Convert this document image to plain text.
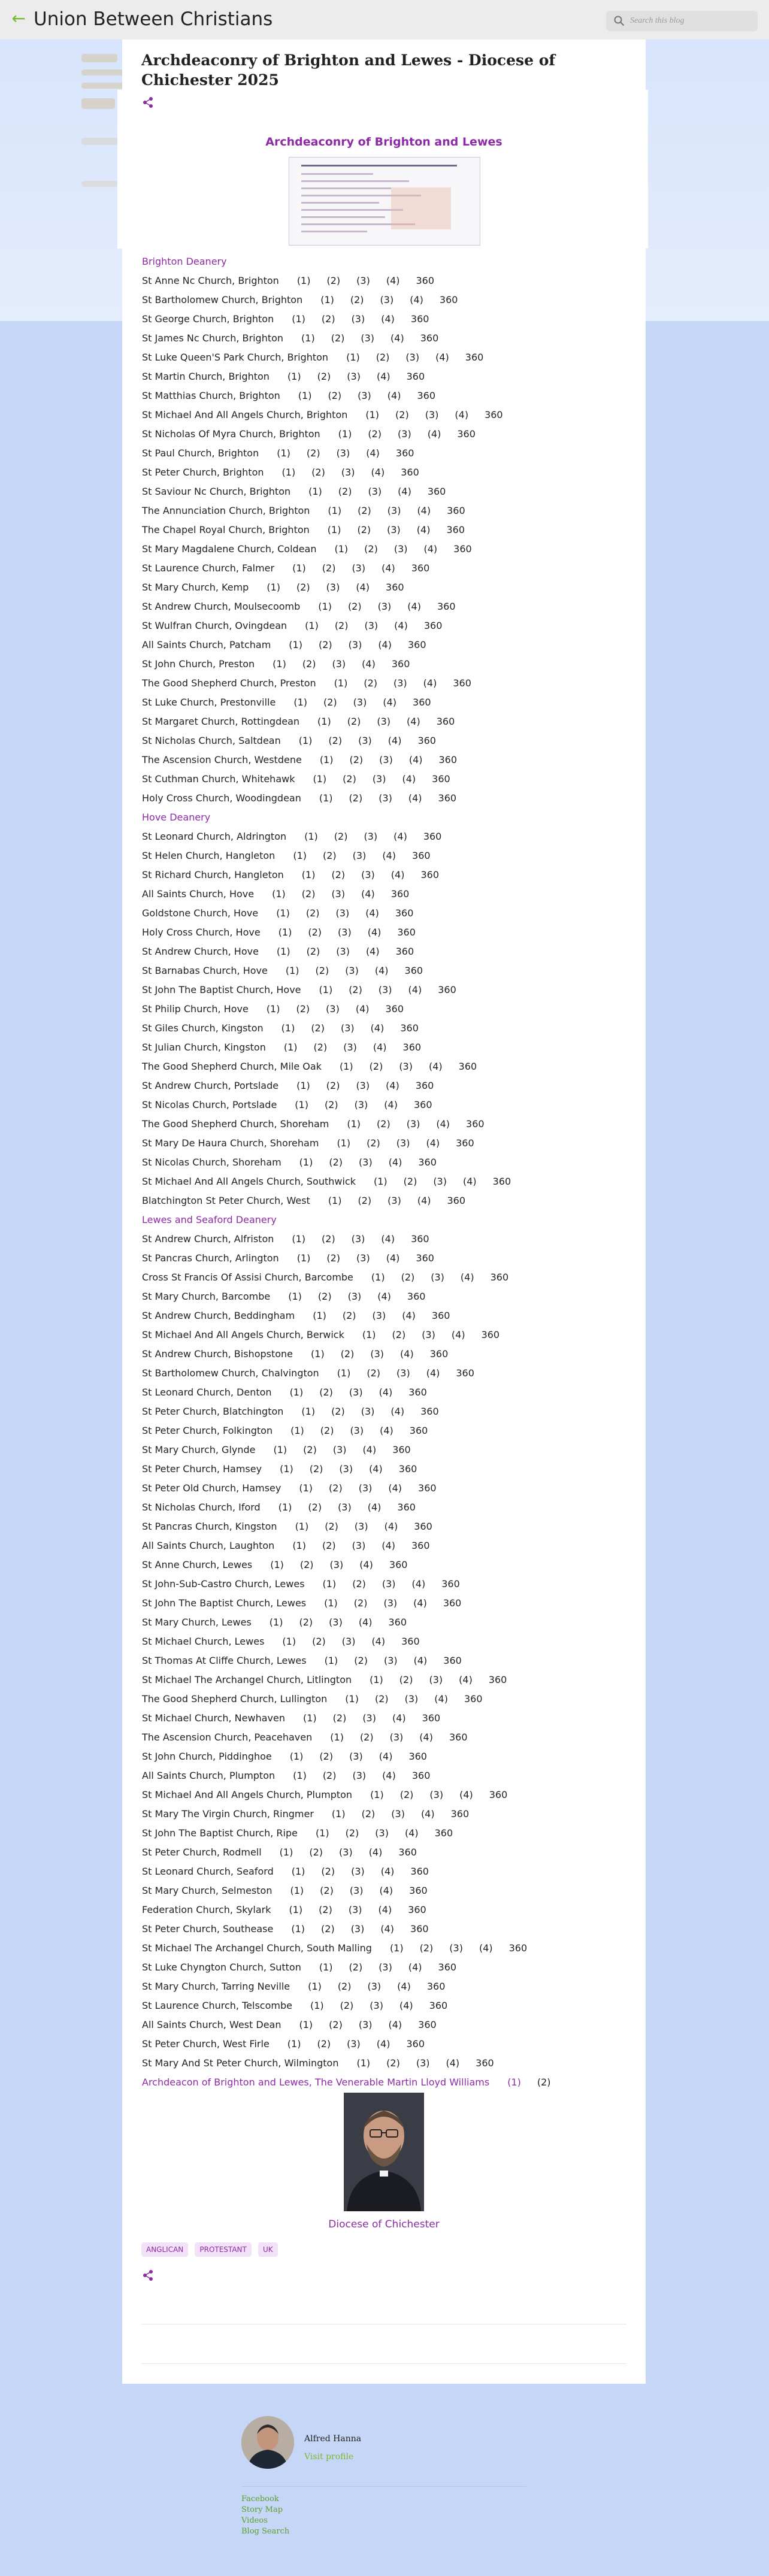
← Union Between Christians
Search this blog
Archdeaconry of Brighton and Lewes - Diocese of Chichester 2025
Archdeaconry of Brighton and Lewes
Brighton Deanery
St Anne Nc Church, Brighton (1) (2) (3) (4) 360
St Bartholomew Church, Brighton (1) (2) (3) (4) 360
St George Church, Brighton (1) (2) (3) (4) 360
St James Nc Church, Brighton (1) (2) (3) (4) 360
St Luke Queen'S Park Church, Brighton (1) (2) (3) (4) 360
St Martin Church, Brighton (1) (2) (3) (4) 360
St Matthias Church, Brighton (1) (2) (3) (4) 360
St Michael And All Angels Church, Brighton (1) (2) (3) (4) 360
St Nicholas Of Myra Church, Brighton (1) (2) (3) (4) 360
St Paul Church, Brighton (1) (2) (3) (4) 360
St Peter Church, Brighton (1) (2) (3) (4) 360
St Saviour Nc Church, Brighton (1) (2) (3) (4) 360
The Annunciation Church, Brighton (1) (2) (3) (4) 360
The Chapel Royal Church, Brighton (1) (2) (3) (4) 360
St Mary Magdalene Church, Coldean (1) (2) (3) (4) 360
St Laurence Church, Falmer (1) (2) (3) (4) 360
St Mary Church, Kemp (1) (2) (3) (4) 360
St Andrew Church, Moulsecoomb (1) (2) (3) (4) 360
St Wulfran Church, Ovingdean (1) (2) (3) (4) 360
All Saints Church, Patcham (1) (2) (3) (4) 360
St John Church, Preston (1) (2) (3) (4) 360
The Good Shepherd Church, Preston (1) (2) (3) (4) 360
St Luke Church, Prestonville (1) (2) (3) (4) 360
St Margaret Church, Rottingdean (1) (2) (3) (4) 360
St Nicholas Church, Saltdean (1) (2) (3) (4) 360
The Ascension Church, Westdene (1) (2) (3) (4) 360
St Cuthman Church, Whitehawk (1) (2) (3) (4) 360
Holy Cross Church, Woodingdean (1) (2) (3) (4) 360
Hove Deanery
St Leonard Church, Aldrington (1) (2) (3) (4) 360
St Helen Church, Hangleton (1) (2) (3) (4) 360
St Richard Church, Hangleton (1) (2) (3) (4) 360
All Saints Church, Hove (1) (2) (3) (4) 360
Goldstone Church, Hove (1) (2) (3) (4) 360
Holy Cross Church, Hove (1) (2) (3) (4) 360
St Andrew Church, Hove (1) (2) (3) (4) 360
St Barnabas Church, Hove (1) (2) (3) (4) 360
St John The Baptist Church, Hove (1) (2) (3) (4) 360
St Philip Church, Hove (1) (2) (3) (4) 360
St Giles Church, Kingston (1) (2) (3) (4) 360
St Julian Church, Kingston (1) (2) (3) (4) 360
The Good Shepherd Church, Mile Oak (1) (2) (3) (4) 360
St Andrew Church, Portslade (1) (2) (3) (4) 360
St Nicolas Church, Portslade (1) (2) (3) (4) 360
The Good Shepherd Church, Shoreham (1) (2) (3) (4) 360
St Mary De Haura Church, Shoreham (1) (2) (3) (4) 360
St Nicolas Church, Shoreham (1) (2) (3) (4) 360
St Michael And All Angels Church, Southwick (1) (2) (3) (4) 360
Blatchington St Peter Church, West (1) (2) (3) (4) 360
Lewes and Seaford Deanery
St Andrew Church, Alfriston (1) (2) (3) (4) 360
St Pancras Church, Arlington (1) (2) (3) (4) 360
Cross St Francis Of Assisi Church, Barcombe (1) (2) (3) (4) 360
St Mary Church, Barcombe (1) (2) (3) (4) 360
St Andrew Church, Beddingham (1) (2) (3) (4) 360
St Michael And All Angels Church, Berwick (1) (2) (3) (4) 360
St Andrew Church, Bishopstone (1) (2) (3) (4) 360
St Bartholomew Church, Chalvington (1) (2) (3) (4) 360
St Leonard Church, Denton (1) (2) (3) (4) 360
St Peter Church, Blatchington (1) (2) (3) (4) 360
St Peter Church, Folkington (1) (2) (3) (4) 360
St Mary Church, Glynde (1) (2) (3) (4) 360
St Peter Church, Hamsey (1) (2) (3) (4) 360
St Peter Old Church, Hamsey (1) (2) (3) (4) 360
St Nicholas Church, Iford (1) (2) (3) (4) 360
St Pancras Church, Kingston (1) (2) (3) (4) 360
All Saints Church, Laughton (1) (2) (3) (4) 360
St Anne Church, Lewes (1) (2) (3) (4) 360
St John-Sub-Castro Church, Lewes (1) (2) (3) (4) 360
St John The Baptist Church, Lewes (1) (2) (3) (4) 360
St Mary Church, Lewes (1) (2) (3) (4) 360
St Michael Church, Lewes (1) (2) (3) (4) 360
St Thomas At Cliffe Church, Lewes (1) (2) (3) (4) 360
St Michael The Archangel Church, Litlington (1) (2) (3) (4) 360
The Good Shepherd Church, Lullington (1) (2) (3) (4) 360
St Michael Church, Newhaven (1) (2) (3) (4) 360
The Ascension Church, Peacehaven (1) (2) (3) (4) 360
St John Church, Piddinghoe (1) (2) (3) (4) 360
All Saints Church, Plumpton (1) (2) (3) (4) 360
St Michael And All Angels Church, Plumpton (1) (2) (3) (4) 360
St Mary The Virgin Church, Ringmer (1) (2) (3) (4) 360
St John The Baptist Church, Ripe (1) (2) (3) (4) 360
St Peter Church, Rodmell (1) (2) (3) (4) 360
St Leonard Church, Seaford (1) (2) (3) (4) 360
St Mary Church, Selmeston (1) (2) (3) (4) 360
Federation Church, Skylark (1) (2) (3) (4) 360
St Peter Church, Southease (1) (2) (3) (4) 360
St Michael The Archangel Church, South Malling (1) (2) (3) (4) 360
St Luke Chyngton Church, Sutton (1) (2) (3) (4) 360
St Mary Church, Tarring Neville (1) (2) (3) (4) 360
St Laurence Church, Telscombe (1) (2) (3) (4) 360
All Saints Church, West Dean (1) (2) (3) (4) 360
St Peter Church, West Firle (1) (2) (3) (4) 360
St Mary And St Peter Church, Wilmington (1) (2) (3) (4) 360
Archdeacon of Brighton and Lewes, The Venerable Martin Lloyd Williams (1) (2)
Diocese of Chichester
ANGLICAN PROTESTANT UK
Alfred Hanna
Visit profile
Facebook
Story Map
Videos
Blog Search
